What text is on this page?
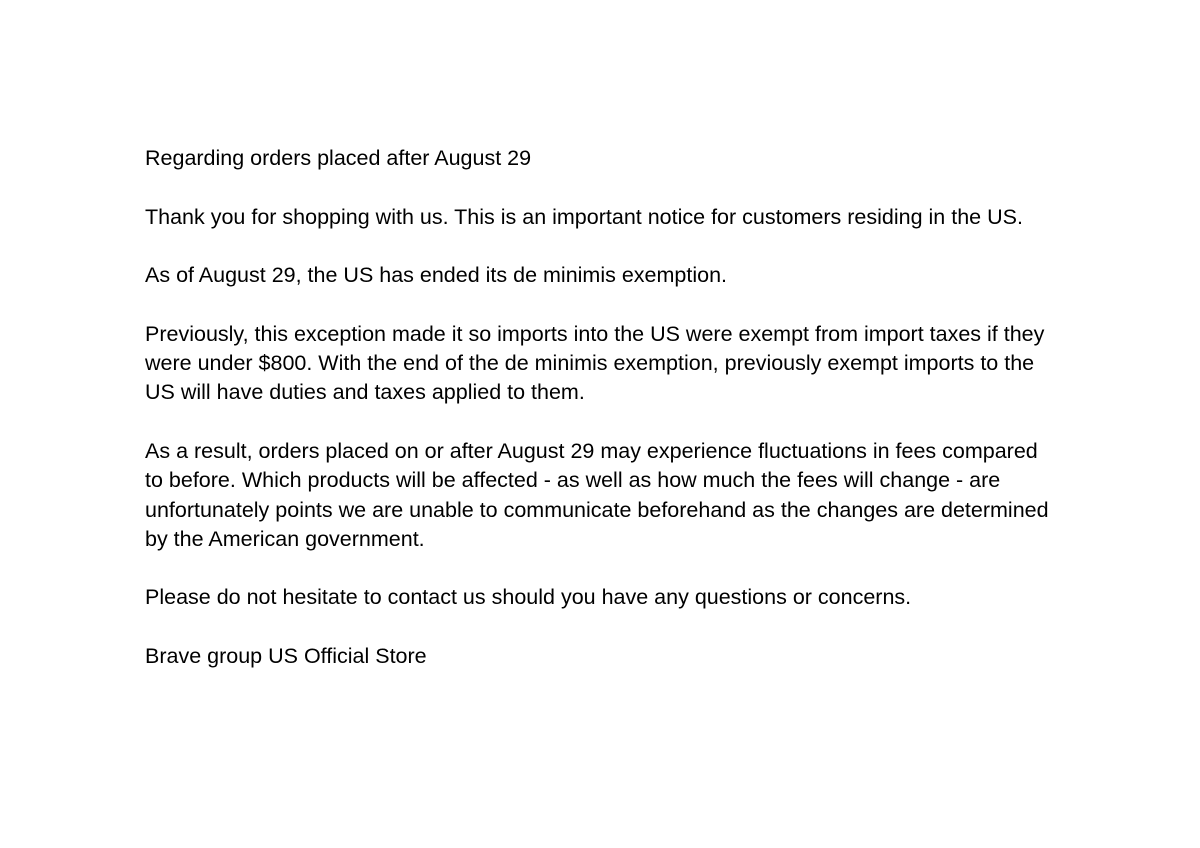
Regarding orders placed after August 29

Thank you for shopping with us. This is an important notice for customers residing in the US.

As of August 29, the US has ended its de minimis exemption.

Previously, this exception made it so imports into the US were exempt from import taxes if they were under $800. With the end of the de minimis exemption, previously exempt imports to the US will have duties and taxes applied to them.

As a result, orders placed on or after August 29 may experience fluctuations in fees compared to before. Which products will be affected - as well as how much the fees will change - are unfortunately points we are unable to communicate beforehand as the changes are determined by the American government.

Please do not hesitate to contact us should you have any questions or concerns.

Brave group US Official Store
